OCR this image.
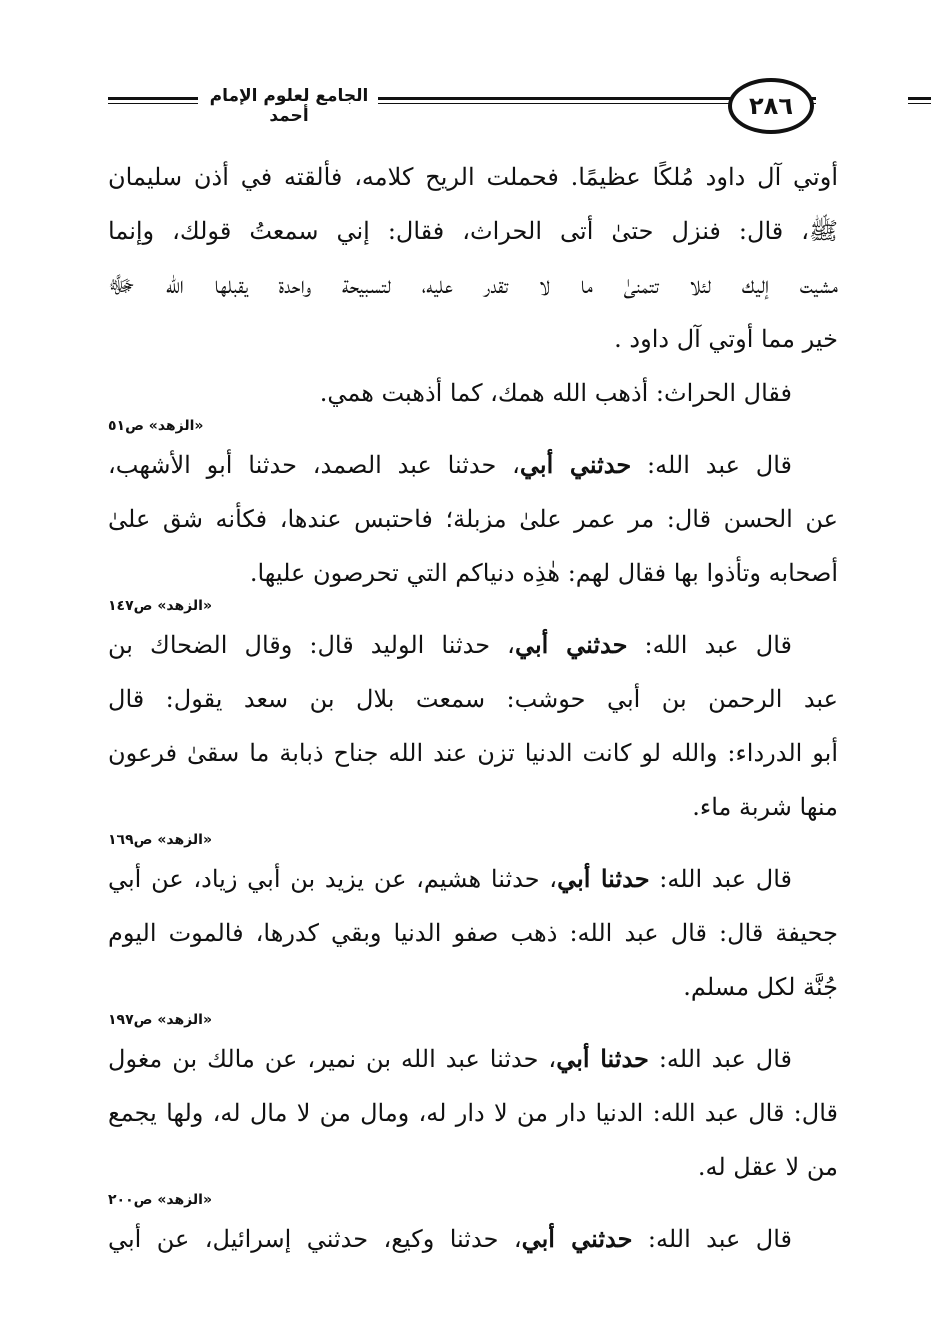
الجامع لعلوم الإمام أحمد	٢٨٦
أوتي آل داود مُلكًا عظيمًا. فحملت الريح كلامه، فألقته في أذن سليمان
ﷺ، قال: فنزل حتىٰ أتى الحراث، فقال: إني سمعتُ قولك، وإنما
مشيت إليك لئلا تتمنىٰ ما لا تقدر عليه، لتسبيحة واحدة يقبلها الله ﷻ
خير مما أوتي آل داود .
فقال الحراث: أذهب الله همك، كما أذهبت همي.
«الزهد» ص٥١
قال عبد الله: حدثني أبي، حدثنا عبد الصمد، حدثنا أبو الأشهب،
عن الحسن قال: مر عمر علىٰ مزبلة؛ فاحتبس عندها، فكأنه شق علىٰ
أصحابه وتأذوا بها فقال لهم: هٰذِه دنياكم التي تحرصون عليها.
«الزهد» ص١٤٧
قال عبد الله: حدثني أبي، حدثنا الوليد قال: وقال الضحاك بن
عبد الرحمن بن أبي حوشب: سمعت بلال بن سعد يقول: قال
أبو الدرداء: والله لو كانت الدنيا تزن عند الله جناح ذبابة ما سقىٰ فرعون
منها شربة ماء.
«الزهد» ص١٦٩
قال عبد الله: حدثنا أبي، حدثنا هشيم، عن يزيد بن أبي زياد، عن أبي
جحيفة قال: قال عبد الله: ذهب صفو الدنيا وبقي كدرها، فالموت اليوم
جُنَّة لكل مسلم.
«الزهد» ص١٩٧
قال عبد الله: حدثنا أبي، حدثنا عبد الله بن نمير، عن مالك بن مغول
قال: قال عبد الله: الدنيا دار من لا دار له، ومال من لا مال له، ولها يجمع
من لا عقل له.
«الزهد» ص٢٠٠
قال عبد الله: حدثني أبي، حدثنا وكيع، حدثني إسرائيل، عن أبي
